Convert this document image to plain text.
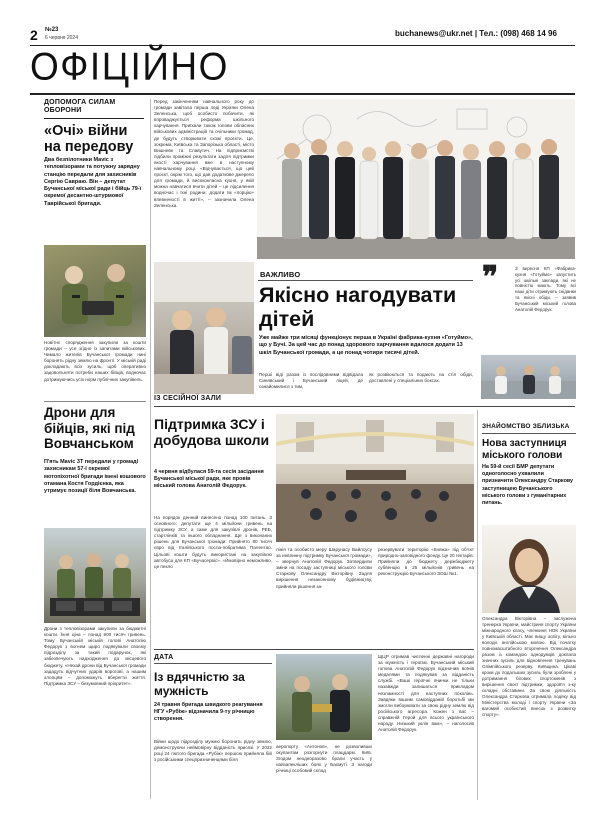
2 №23
6 червня 2024	buchanews@ukr.net | Тел.: (098) 468 14 96
ОФІЦІЙНО
ДОПОМОГА СИЛАМ ОБОРОНИ
«Очі» війни на передову
Два безпілотники Mavic з тепловізорами та потужну зарядну станцію передали для захисників Сергію Савраю. Він – депутат Бучанської міської ради і бійць 79-ї окремої десантно-штурмової Таврійської бригади.
Новітнє спорядження закупили за кошти громади – усе згідно із запитами військових. Чимало жителів Бучанської громади нині боронять рідну землю на фронті. У міській раді докладають всіх зусиль, щоб оперативно задовольняти потреби наших бійців, водночас дотримуючись усіх норм публічних закупівель.
Дрони для бійців, які під Вовчанськом
П'ять Mavic 3T передали у громаді захисникам 57-ї окремої мотопіхотної бригади імені кошового отамана Костя Гордієнка, яка утримує позиції біля Вовчанська.
Дрони з тепловізорами закупили за бюджетні кошти. Їхня ціна – понад 900 тисяч гривень. Тому Бучанській міській голові Анатолію Федорук з вогнем щиро подякували своєму підрозділу за такий подарунок, які забезпечують надходження до місцевого бюджету. «Нехай дрони від Бучанської громади зададуть відчутних ударів ворогові, а нашим хлопцям – допоможуть вберегти життя. Підтримка ЗСУ – безумовний пріоритет».
Перед закінченням навчального року до громади завітала перша леді України Олена Зеленська, щоб особисто побачити, як впроваджується реформа шкільного харчування. Приїхали також голови обласних військових адміністрацій та очільники громад, де будуть створювати схожі проєкти. Це, зокрема, Київська та Запорізька області, місто Вишневе та Славутич. На підприємстві підбили проміжні результати задля підтримки якості харчування вже в наступному навчальному році. «Відчувається, що цей проєкт, окрім того, що дав додаткове джерело для громади, й висококласна кухня, у якій можна навчатися вчити дітей – це підсилення водночас і їхні родини, додати їм «порцію» впевненості в житті», – зазначила Олена Зеленська.
ВАЖЛИВО
Якісно нагодувати дітей
Уже майже три місяці функціонує перша в Україні фабрика-кухня «Готуймо», що у Бучі. За цей час до понад здорового харчування вдалося додати 13 шкіл Бучанської громади, а це понад чотири тисячі дітей.
Перші віді разом із послідовними відвідала Синявський і Бучанський ліцей, де ознайомилися з тим,
як розвіюються та подають на стіл обіди, доставлені у спеціальних боксах.
❞	З вересня КП «Фабрика-кухня «Готуймо» запустить усі шкільні заклади, які не повністю мають. Тому всі наші діти отримують сніданки та якісні обіди, – заявив Бучанський міський голова Анатолій Федорук.
ІЗ СЕСІЙНОЇ ЗАЛИ
Підтримка ЗСУ і добудова школи
4 червня відбулася 59-та сесія засідання Бучанської міської ради, яке провів міський голова Анатолій Федорук.
На порядок денний винесено понад 100 питань. З основного: депутати ще 4 мільйони гривень на підтримку ЗСУ, а саме для закупівлі дронів, РЕБ, стартлінків та іншого обладнання. Ще з виконаних рішень для Бучанської громади: Прийнято 80 тисяч євро від Італійського посла-побратима Палентао. Цільові кошти будуть використані на закупівлю автобуса для КП «Бучасервіс». «Ймовірно неможливо, це пекло
лінія та особисто меру Шарунасу Вайлсусу за невпинну підтримку Бучанської громади», – звернув Анатолій Федорук. Затвердили зміни на посаду заступниці міського голови Старкову Олександру Вікторівну. Задля вирішення незаконному будівництву, прийняли рішення за-
резервувати територію «Княжа» під об'єкт природно-заповідного фонду. Це 20 гектарів. Прийняли до бюджету держбюджету субвенцію в 25 мільйонів гривень на реконструкцію Бучанського ЗОШ №1.
ЗНАЙОМСТВО ЗБЛИЗЬКА
Нова заступниця міського голови
На 59-й сесії БМР депутати одноголосно ухвалили призначити Олександру Старкову заступницею Бучанського міського голови з гуманітарних питань.
Олександра Вікторівна – заслужена тренерка України, майстриня спорту України міжнародного класу, членкиня НОК України у Київській області. Має вищу освіту, вільно володіє англійською мовою. Від початку повномасштабного вторгнення Олександра разом із командою однодумців доклала значних зусиль для відновлення тренувань Олімпійського резерву. Київщина. Цікаві кроки до подальших зусиль були зроблені у дотримання бігових спортсменів з вирішення своєї підтримки, здоров'я з-ку складні обставини. За свою діяльність Олександра Старкова отримала подяку від Міністерства молоді і спорту України «За вагомий особистий внесок з розвитку спорту».
ДАТА
Із вдячністю за мужність
24 травня бригада швидкого реагування НГУ «Рубіж» відзначила 9-ту річницю створення.
Війни щодо підрозділу мужню боронить рідну землю, демонструючи неймовірну відданість присязі. У 2022 році 24 лютого бригада «Рубіж» першою прийняла бій з російськими спецпризначенцями біля
аеропорту «Антонов», не дозволивши окупантам розгорнути плацдарм. Київ. Згодом неодноразово брали участь у найзапекліших боях у Бахмуті. З нагоди річниці особовий склад
ЩЦР отримав численні державні нагороди за мужність і героїзм. Бучанський міський голова Анатолій Федорук відзначив воїнів медалями та подякував за відданість службі. «Ваші героїчні вчинки не тільки назавжди залишаться прикладом незламності для наступних поколінь. Завдяки вашим самовідданій боротьбі ми змогли виборювати за свою рідну землю від російського агресора. Кожен з вас – справжній Герой для всього українського народу. Низький уклін вам», – наголосив Анатолій Федорук.
